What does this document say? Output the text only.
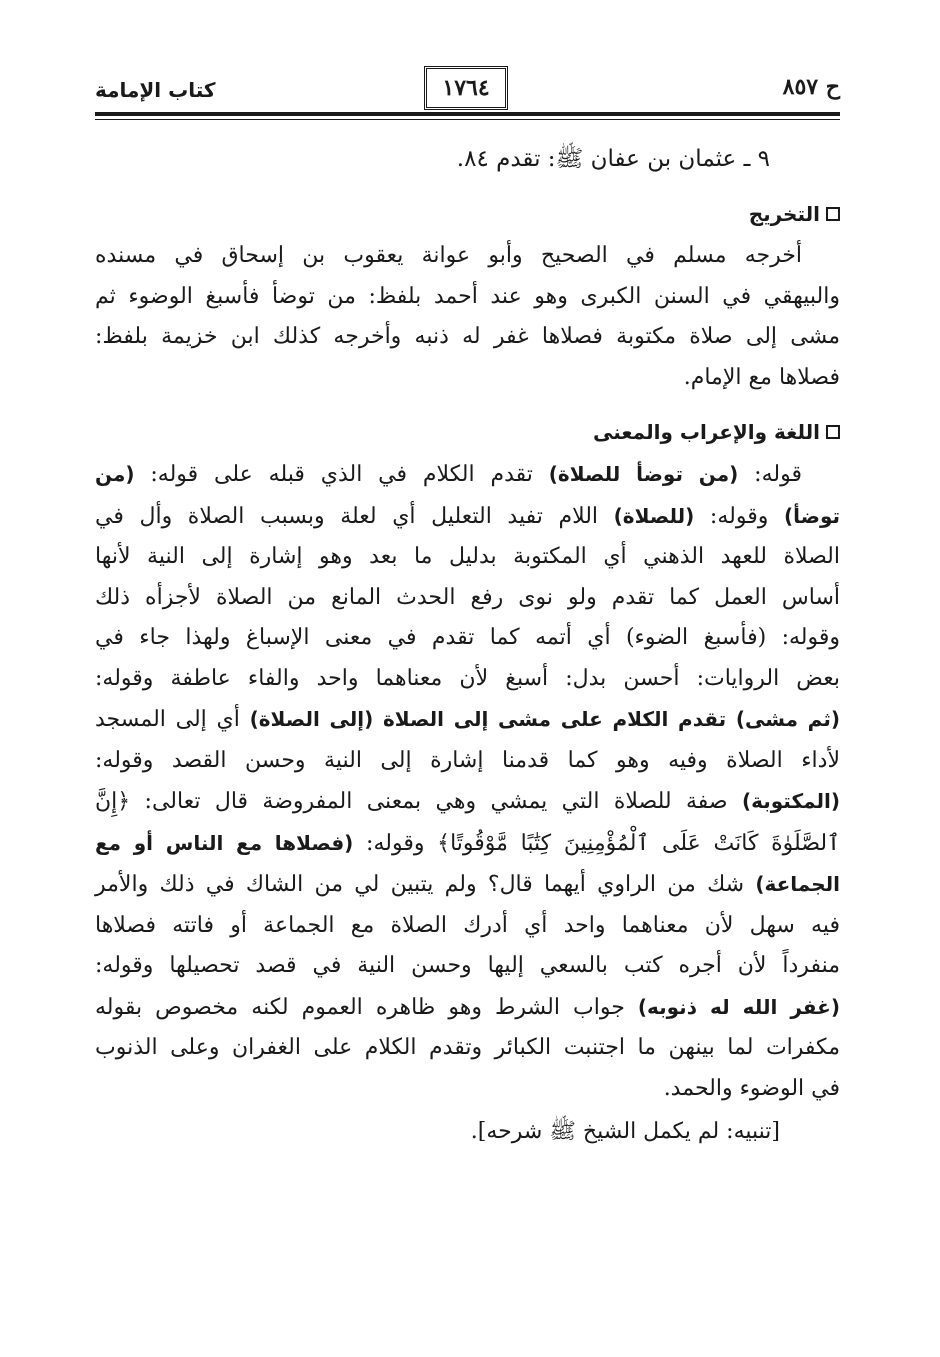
ح ٨٥٧
١٧٦٤
كتاب الإمامة

٩ ـ عثمان بن عفان ﷺ: تقدم ٨٤.

التخريج
أخرجه مسلم في الصحيح وأبو عوانة يعقوب بن إسحاق في مسنده
والبيهقي في السنن الكبرى وهو عند أحمد بلفظ: من توضأ فأسبغ الوضوء ثم
مشى إلى صلاة مكتوبة فصلاها غفر له ذنبه وأخرجه كذلك ابن خزيمة بلفظ:
فصلاها مع الإمام.
اللغة والإعراب والمعنى
قوله: (من توضأ للصلاة) تقدم الكلام في الذي قبله على قوله: (من
توضأ) وقوله: (للصلاة) اللام تفيد التعليل أي لعلة وبسبب الصلاة وأل في
الصلاة للعهد الذهني أي المكتوبة بدليل ما بعد وهو إشارة إلى النية لأنها
أساس العمل كما تقدم ولو نوى رفع الحدث المانع من الصلاة لأجزأه ذلك
وقوله: (فأسبغ الضوء) أي أتمه كما تقدم في معنى الإسباغ ولهذا جاء في
بعض الروايات: أحسن بدل: أسبغ لأن معناهما واحد والفاء عاطفة وقوله:
(ثم مشى) تقدم الكلام على مشى إلى الصلاة (إلى الصلاة) أي إلى المسجد
لأداء الصلاة وفيه وهو كما قدمنا إشارة إلى النية وحسن القصد وقوله:
(المكتوبة) صفة للصلاة التي يمشي وهي بمعنى المفروضة قال تعالى: ﴿إِنَّ
ٱلصَّلَوٰةَ كَانَتْ عَلَى ٱلْمُؤْمِنِينَ كِتَٰبًا مَّوْقُوتًا﴾ وقوله: (فصلاها مع الناس أو مع
الجماعة) شك من الراوي أيهما قال؟ ولم يتبين لي من الشاك في ذلك والأمر
فيه سهل لأن معناهما واحد أي أدرك الصلاة مع الجماعة أو فاتته فصلاها
منفرداً لأن أجره كتب بالسعي إليها وحسن النية في قصد تحصيلها وقوله:
(غفر الله له ذنوبه) جواب الشرط وهو ظاهره العموم لكنه مخصوص بقوله
مكفرات لما بينهن ما اجتنبت الكبائر وتقدم الكلام على الغفران وعلى الذنوب
في الوضوء والحمد.
[تنبيه: لم يكمل الشيخ ﷺ شرحه].
